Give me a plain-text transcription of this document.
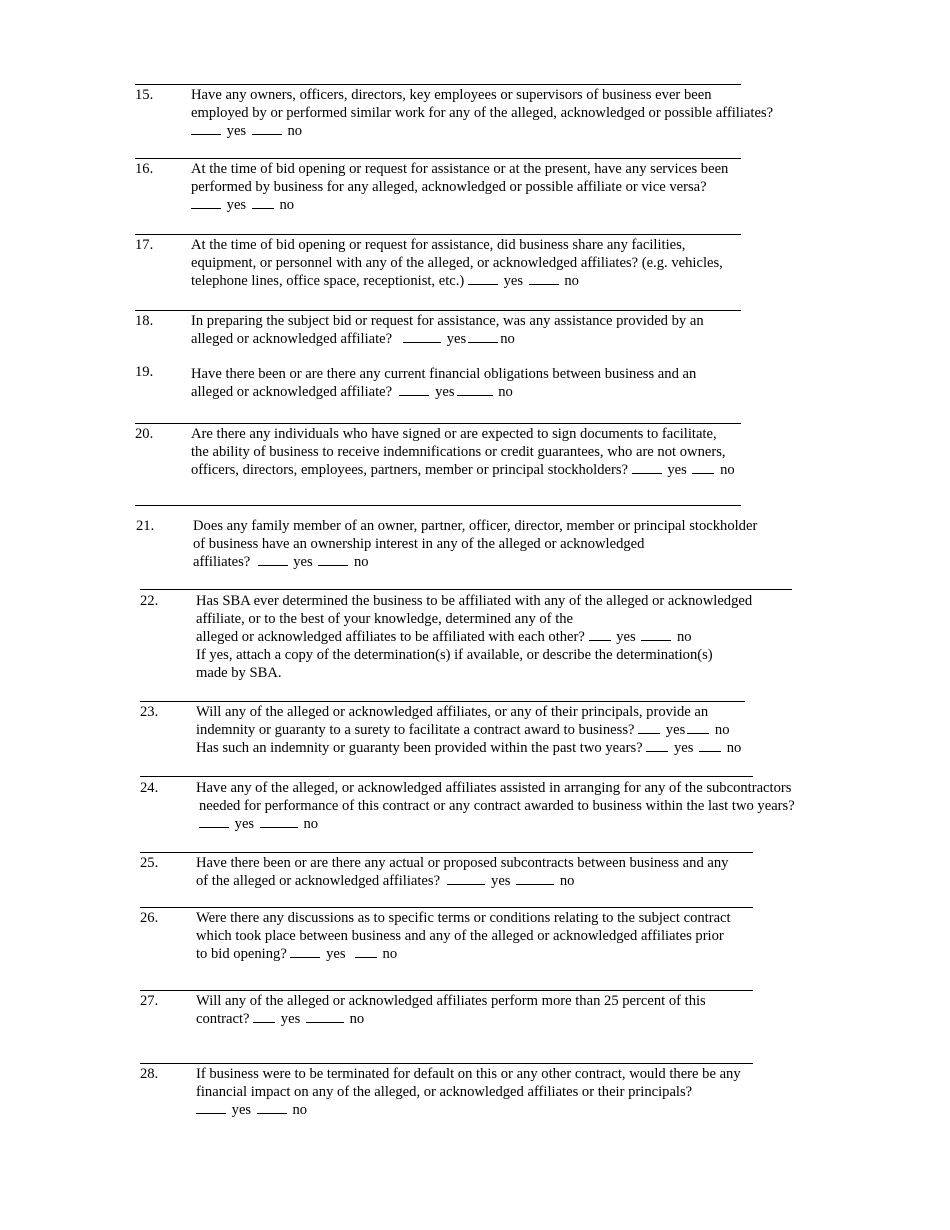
15.	Have any owners, officers, directors, key employees or supervisors of business ever been
employed by or performed similar work for any of the alleged, acknowledged or possible affiliates?
yes	no
16.	At the time of bid opening or request for assistance or at the present, have any services been
performed by business for any alleged, acknowledged or possible affiliate or vice versa?
yes no
17.	At the time of bid opening or request for assistance, did business share any facilities,
equipment, or personnel with any of the alleged, or acknowledged affiliates? (e.g. vehicles,
telephone lines, office space, receptionist, etc.)	yes	no
18.	In preparing the subject bid or request for assistance, was any assistance provided by an
alleged or acknowledged affiliate?	yes no
19.	Have there been or are there any current financial obligations between business and an
alleged or acknowledged affiliate?	yes	no
20.	Are there any individuals who have signed or are expected to sign documents to facilitate,
the ability of business to receive indemnifications or credit guarantees, who are not owners,
officers, directors, employees, partners, member or principal stockholders?	yes no
21.	Does any family member of an owner, partner, officer, director, member or principal stockholder
of business have an ownership interest in any of the alleged or acknowledged
affiliates?	yes	no
22.	Has SBA ever determined the business to be affiliated with any of the alleged or acknowledged
affiliate, or to the best of your knowledge, determined any of the
alleged or acknowledged affiliates to be affiliated with each other? yes	no
If yes, attach a copy of the determination(s) if available, or describe the determination(s)
made by SBA.
23.	Will any of the alleged or acknowledged affiliates, or any of their principals, provide an
indemnity or guaranty to a surety to facilitate a contract award to business? yes no
Has such an indemnity or guaranty been provided within the past two years? yes no
24.	Have any of the alleged, or acknowledged affiliates assisted in arranging for any of the subcontractors
needed for performance of this contract or any contract awarded to business within the last two years?
yes	no
25.	Have there been or are there any actual or proposed subcontracts between business and any
of the alleged or acknowledged affiliates?	yes	no
26.	Were there any discussions as to specific terms or conditions relating to the subject contract
which took place between business and any of the alleged or acknowledged affiliates prior
to bid opening?	yes	no
27.	Will any of the alleged or acknowledged affiliates perform more than 25 percent of this
contract? yes	no
28.	If business were to be terminated for default on this or any other contract, would there be any
financial impact on any of the alleged, or acknowledged affiliates or their principals?
yes	no
